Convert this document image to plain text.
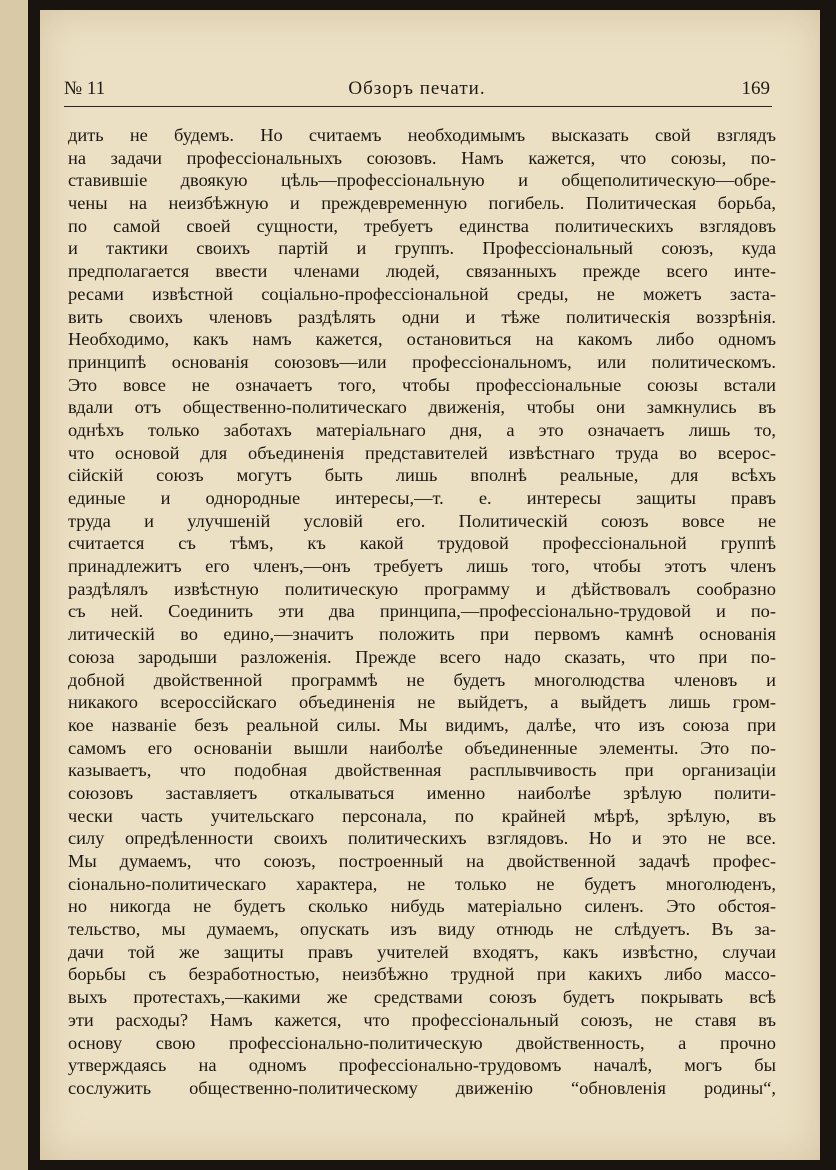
№ 11	Обзоръ печати.	169
дить не будемъ. Но считаемъ необходимымъ высказать свой взглядъ
на задачи профессіональныхъ союзовъ. Намъ кажется, что союзы, по-
ставившіе двоякую цѣль—профессіональную и общеполитическую—обре-
чены на неизбѣжную и преждевременную погибель. Политическая борьба,
по самой своей сущности, требуетъ единства политическихъ взглядовъ
и тактики своихъ партій и группъ. Профессіональный союзъ, куда
предполагается ввести членами людей, связанныхъ прежде всего инте-
ресами извѣстной соціально-профессіональной среды, не можетъ заста-
вить своихъ членовъ раздѣлять одни и тѣже политическія воззрѣнія.
Необходимо, какъ намъ кажется, остановиться на какомъ либо одномъ
принципѣ основанія союзовъ—или профессіональномъ, или политическомъ.
Это вовсе не означаетъ того, чтобы профессіональные союзы встали
вдали отъ общественно-политическаго движенія, чтобы они замкнулись въ
однѣхъ только заботахъ матеріальнаго дня, а это означаетъ лишь то,
что основой для объединенія представителей извѣстнаго труда во всерос-
сійскій союзъ могутъ быть лишь вполнѣ реальные, для всѣхъ
единые и однородные интересы,—т. е. интересы защиты правъ
труда и улучшеній условій его. Политическій союзъ вовсе не
считается съ тѣмъ, къ какой трудовой профессіональной группѣ
принадлежитъ его членъ,—онъ требуетъ лишь того, чтобы этотъ членъ
раздѣлялъ извѣстную политическую программу и дѣйствовалъ сообразно
съ ней. Соединить эти два принципа,—профессіонально-трудовой и по-
литическій во едино,—значитъ положить при первомъ камнѣ основанія
союза зародыши разложенія. Прежде всего надо сказать, что при по-
добной двойственной программѣ не будетъ многолюдства членовъ и
никакого всероссійскаго объединенія не выйдетъ, а выйдетъ лишь гром-
кое названіе безъ реальной силы. Мы видимъ, далѣе, что изъ союза при
самомъ его основаніи вышли наиболѣе объединенные элементы. Это по-
казываетъ, что подобная двойственная расплывчивость при организаціи
союзовъ заставляетъ откалываться именно наиболѣе зрѣлую полити-
чески часть учительскаго персонала, по крайней мѣрѣ, зрѣлую, въ
силу опредѣленности своихъ политическихъ взглядовъ. Но и это не все.
Мы думаемъ, что союзъ, построенный на двойственной задачѣ профес-
сіонально-политическаго характера, не только не будетъ многолюденъ,
но никогда не будетъ сколько нибудь матеріально силенъ. Это обстоя-
тельство, мы думаемъ, опускать изъ виду отнюдь не слѣдуетъ. Въ за-
дачи той же защиты правъ учителей входятъ, какъ извѣстно, случаи
борьбы съ безработностью, неизбѣжно трудной при какихъ либо массо-
выхъ протестахъ,—какими же средствами союзъ будетъ покрывать всѣ
эти расходы? Намъ кажется, что профессіональный союзъ, не ставя въ
основу свою профессіонально-политическую двойственность, а прочно
утверждаясь на одномъ профессіонально-трудовомъ началѣ, могъ бы
сослужить общественно-политическому движенію “обновленія родины“,
